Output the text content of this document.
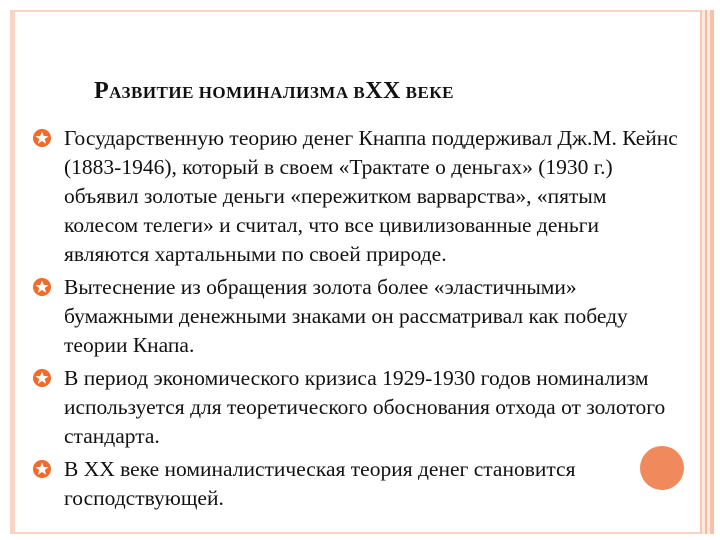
РАЗВИТИЕ НОМИНАЛИЗМА ВXX ВЕКЕ
Государственную теорию денег Кнаппа поддерживал Дж.М. Кейнс (1883-1946), который в своем «Трактате о деньгах» (1930 г.) объявил золотые деньги «пережитком варварства», «пятым колесом телеги» и считал, что все цивилизованные деньги являются хартальными по своей природе.
Вытеснение из обращения золота более «эластичными» бумажными денежными знаками он рассматривал как победу теории Кнапа.
В период экономического кризиса 1929-1930 годов номинализм используется для теоретического обоснования отхода от золотого стандарта.
В XX веке номиналистическая теория денег становится господствующей.
